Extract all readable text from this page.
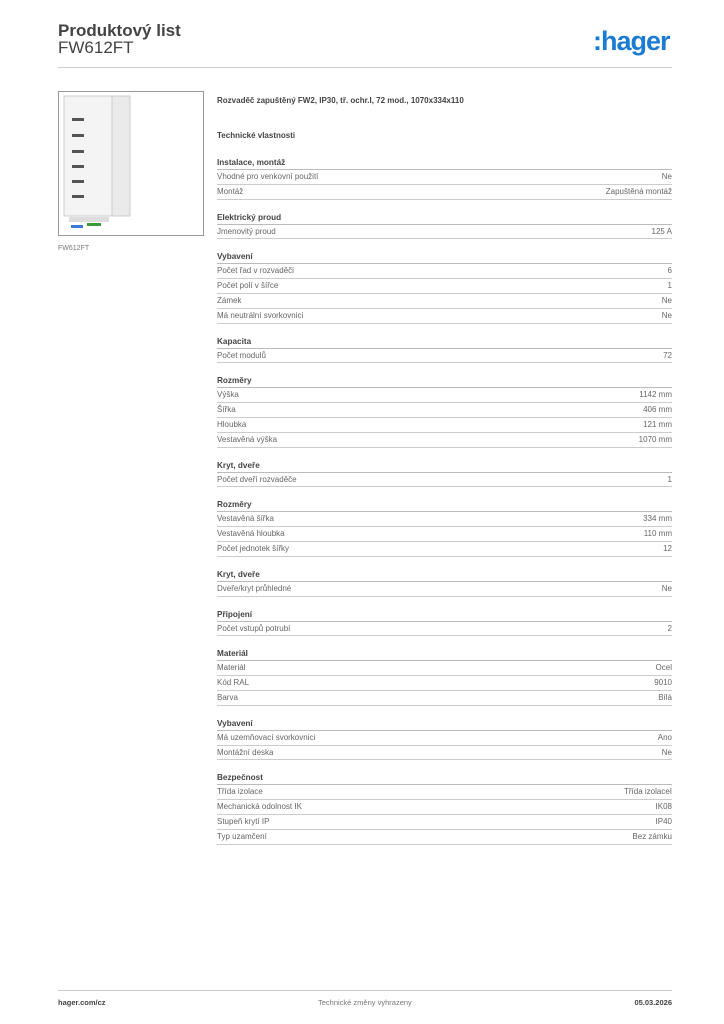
Produktový list
FW612FT	:hager
FW612FT
Rozvaděč zapuštěný FW2, IP30, tř. ochr.I, 72 mod., 1070x334x110
Technické vlastnosti
Instalace, montáž
Vhodné pro venkovní použití	Ne
Montáž	Zapuštěná montáž
Elektrický proud
Jmenovitý proud	125 A
Vybavení
Počet řad v rozvaděči	6
Počet polí v šířce	1
Zámek	Ne
Má neutrální svorkovnici	Ne
Kapacita
Počet modulů	72
Rozměry
Výška	1142 mm
Šířka	406 mm
Hloubka	121 mm
Vestavěná výška	1070 mm
Kryt, dveře
Počet dveří rozvaděče	1
Rozměry
Vestavěná šířka	334 mm
Vestavěná hloubka	110 mm
Počet jednotek šířky	12
Kryt, dveře
Dveře/kryt průhledné	Ne
Připojení
Počet vstupů potrubí	2
Materiál
Materiál	Ocel
Kód RAL	9010
Barva	Bílá
Vybavení
Má uzemňovací svorkovnici	Ano
Montážní deska	Ne
Bezpečnost
Třída izolace	Třída izolaceI
Mechanická odolnost IK	IK08
Stupeň krytí IP	IP40
Typ uzamčení	Bez zámku
hager.com/cz	Technické změny vyhrazeny	05.03.2026
